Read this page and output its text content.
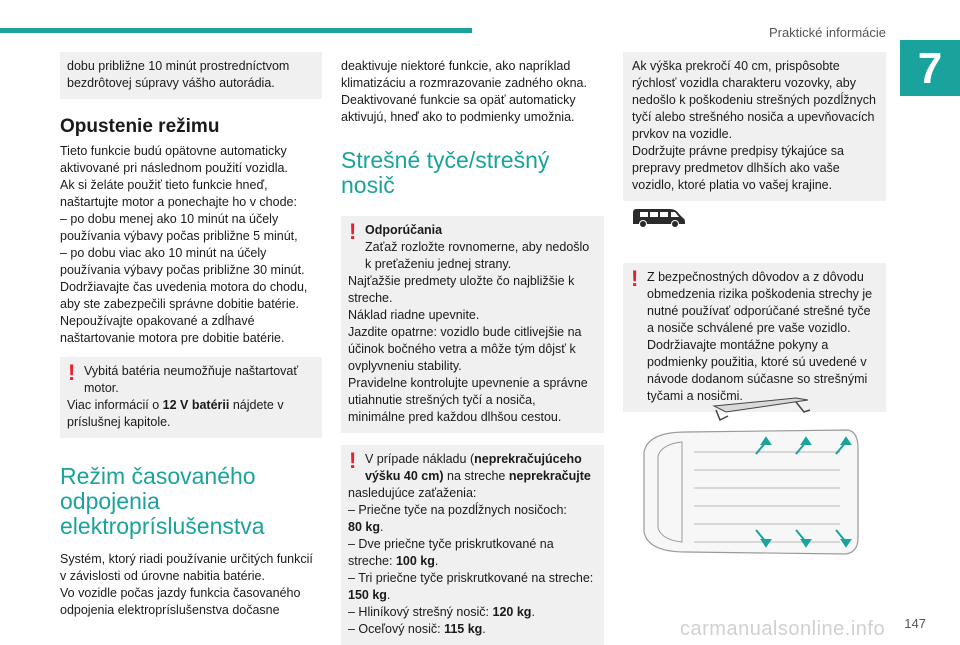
Praktické informácie
7

dobu približne 10 minút prostredníctvom bezdrôtovej súpravy vášho autorádia.

Opustenie režimu

Tieto funkcie budú opätovne automaticky aktivované pri následnom použití vozidla.

Ak si želáte použiť tieto funkcie hneď, naštartujte motor a ponechajte ho v chode:

– po dobu menej ako 10 minút na účely používania výbavy počas približne 5 minút,

– po dobu viac ako 10 minút na účely používania výbavy počas približne 30 minút.

Dodržiavajte čas uvedenia motora do chodu, aby ste zabezpečili správne dobitie batérie.

Nepoužívajte opakované a zdĺhavé naštartovanie motora pre dobitie batérie.

! Vybitá batéria neumožňuje naštartovať motor.

Viac informácií o 12 V batérii nájdete v príslušnej kapitole.

Režim časovaného
odpojenia
elektropríslušenstva

Systém, ktorý riadi používanie určitých funkcií v závislosti od úrovne nabitia batérie.

Vo vozidle počas jazdy funkcia časovaného odpojenia elektropríslušenstva dočasne

deaktivuje niektoré funkcie, ako napríklad klimatizáciu a rozmrazovanie zadného okna.

Deaktivované funkcie sa opäť automaticky aktivujú, hneď ako to podmienky umožnia.

Strešné tyče/strešný
nosič
! Odporúčania

Zaťaž rozložte rovnomerne, aby nedošlo k preťaženiu jednej strany.

Najťažšie predmety uložte čo najbližšie k streche.

Náklad riadne upevnite.

Jazdite opatrne: vozidlo bude citlivejšie na účinok bočného vetra a môže tým dôjsť k ovplyvneniu stability.

Pravidelne kontrolujte upevnenie a správne utiahnutie strešných tyčí a nosiča, minimálne pred každou dlhšou cestou.

! V prípade nákladu (neprekračujúceho

výšku 40 cm) na streche neprekračujte

nasledujúce zaťaženia:

– Priečne tyče na pozdĺžnych nosičoch:
80 kg.

– Dve priečne tyče priskrutkované na streche: 100 kg.

– Tri priečne tyče priskrutkované na streche: 150 kg.

– Hliníkový strešný nosič: 120 kg.

– Oceľový nosič: 115 kg.

Ak výška prekročí 40 cm, prispôsobte rýchlosť vozidla charakteru vozovky, aby nedošlo k poškodeniu strešných pozdĺžnych tyčí alebo strešného nosiča a upevňovacích prvkov na vozidle.

Dodržujte právne predpisy týkajúce sa prepravy predmetov dlhších ako vaše vozidlo, ktoré platia vo vašej krajine.

! Z bezpečnostných dôvodov a z dôvodu obmedzenia rizika poškodenia strechy je nutné používať odporúčané strešné tyče a nosiče schválené pre vaše vozidlo. Dodržiavajte montážne pokyny a podmienky použitia, ktoré sú uvedené v návode dodanom súčasne so strešnými tyčami a nosičmi.

carmanualsonline.info 147
